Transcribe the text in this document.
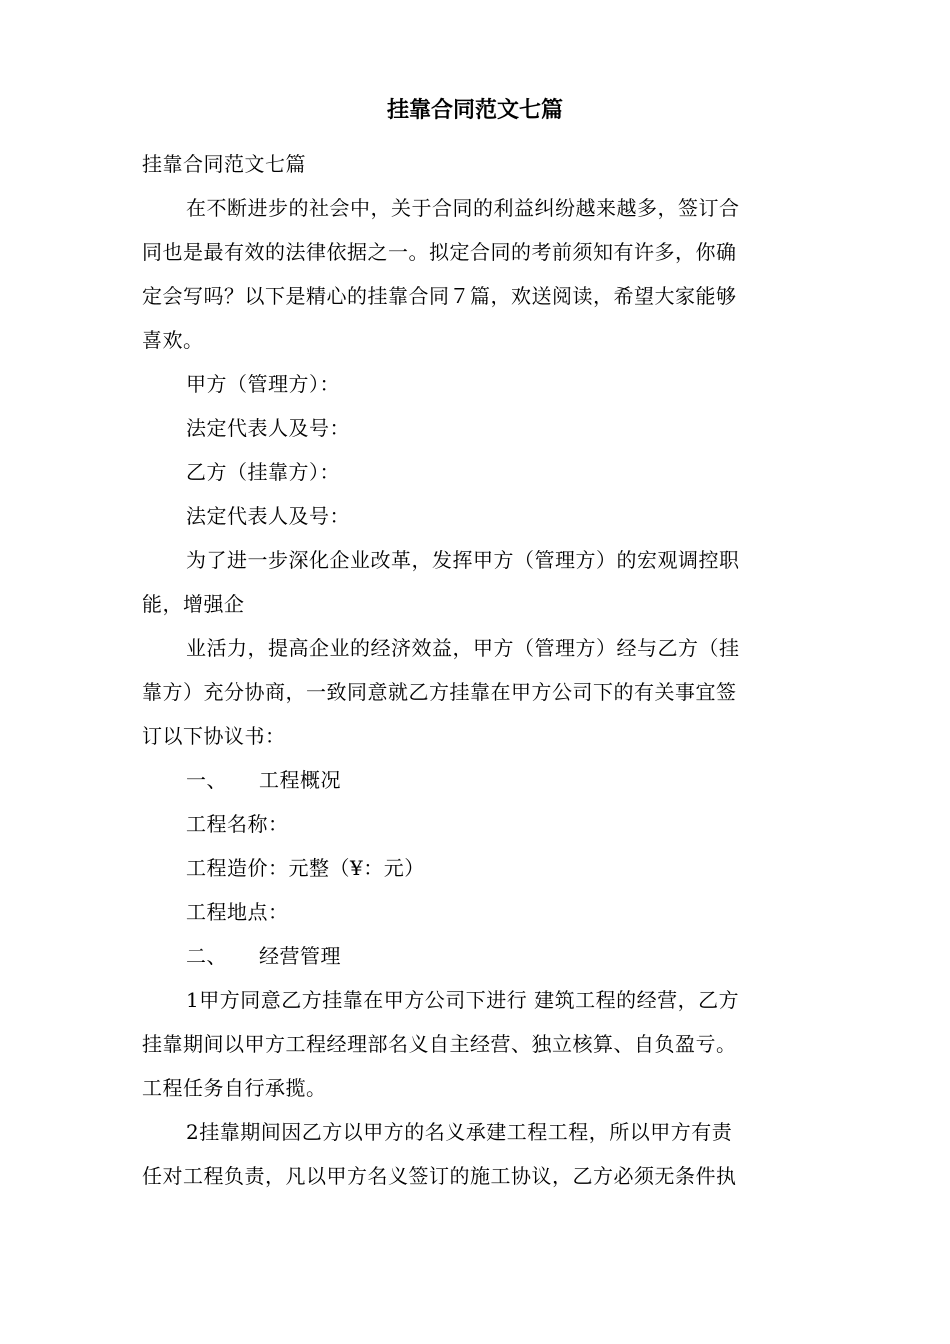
挂靠合同范文七篇
挂靠合同范文七篇
在不断进步的社会中，关于合同的利益纠纷越来越多，签订合
同也是最有效的法律依据之一。拟定合同的考前须知有许多，你确
定会写吗？以下是精心的挂靠合同７篇，欢送阅读，希望大家能够
喜欢。
甲方（管理方）：
法定代表人及号：
乙方（挂靠方）：
法定代表人及号：
为了进一步深化企业改革，发挥甲方（管理方）的宏观调控职
能，增强企
业活力，提高企业的经济效益，甲方（管理方）经与乙方（挂
靠方）充分协商，一致同意就乙方挂靠在甲方公司下的有关事宜签
订以下协议书：
一、 工程概况
工程名称：
工程造价：元整（¥：元）
工程地点：
二、 经营管理
1甲方同意乙方挂靠在甲方公司下进行 建筑工程的经营，乙方
挂靠期间以甲方工程经理部名义自主经营、独立核算、自负盈亏。
工程任务自行承揽。
2挂靠期间因乙方以甲方的名义承建工程工程，所以甲方有责
任对工程负责，凡以甲方名义签订的施工协议，乙方必须无条件执
